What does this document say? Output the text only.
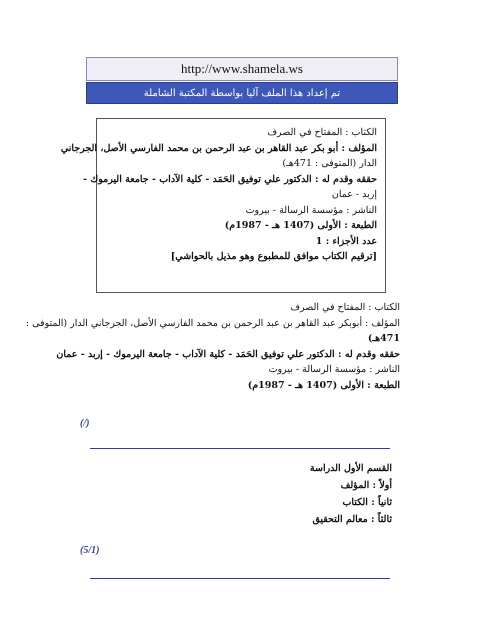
http://www.shamela.ws
تم إعداد هذا الملف آليا بواسطة المكتبة الشاملة
الكتاب : المفتاح في الصرف
المؤلف : أبو بكر عبد القاهر بن عبد الرحمن بن محمد الفارسي الأصل، الجرجاني
الدار (المتوفى : 471هـ)
حققه وقدم له : الدكتور علي توفيق الحَمَد - كلية الآداب - جامعة اليرموك -
إربد - عمان
الناشر : مؤسسة الرسالة - بيروت
الطبعة : الأولى (1407 هـ - 1987م)
عدد الأجزاء : 1
[ترقيم الكتاب موافق للمطبوع وهو مذيل بالحواشي]
الكتاب : المفتاح في الصرف
المؤلف : أبوبكر عبد القاهر بن عبد الرحمن بن محمد الفارسي الأصل، الجرجاني الدار (المتوفى :
471هـ)
حققه وقدم له : الدكتور علي توفيق الحَمَد - كلية الآداب - جامعة اليرموك - إربد - عمان
الناشر : مؤسسة الرسالة - بيروت
الطبعة : الأولى (1407 هـ - 1987م)
(/)
القسم الأول الدراسة
أولاً : المؤلف
ثانياً : الكتاب
ثالثاً : معالم التحقيق
(5/1)
